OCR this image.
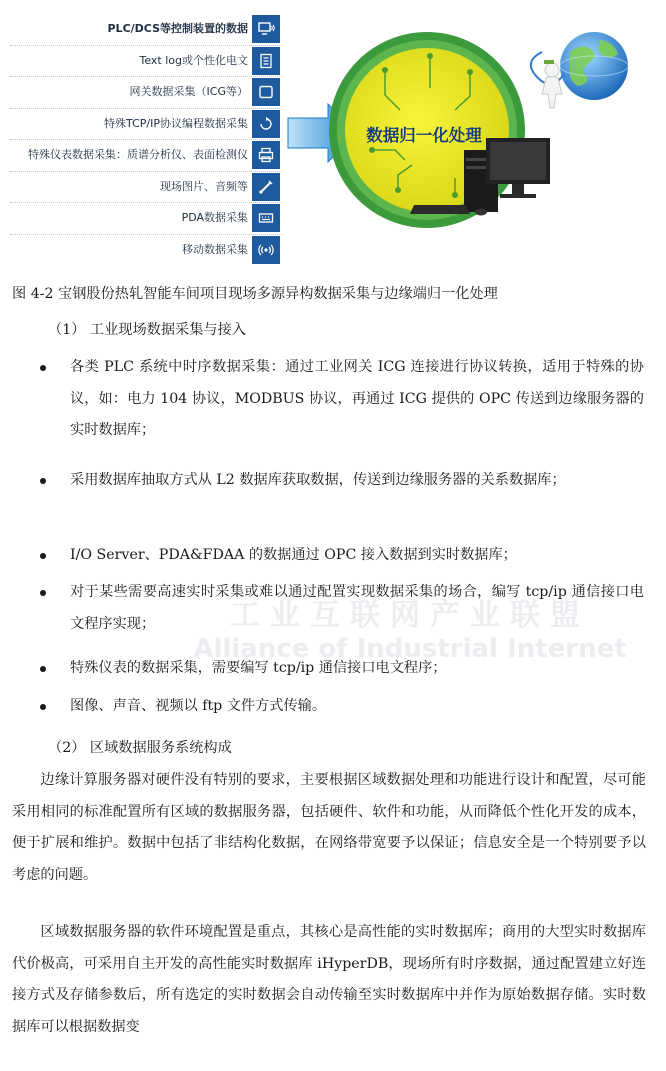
PLC/DCS等控制装置的数据
Text log或个性化电文
网关数据采集（ICG等）
特殊TCP/IP协议编程数据采集
特殊仪表数据采集：质谱分析仪、表面检测仪
现场图片、音频等
PDA数据采集
移动数据采集
数据归一化处理
图 4-2 宝钢股份热轧智能车间项目现场多源异构数据采集与边缘端归一化处理
（1） 工业现场数据采集与接入
各类 PLC 系统中时序数据采集：通过工业网关 ICG 连接进行协议转换，适用于特殊的协议，如：电力 104 协议，MODBUS 协议，再通过 ICG 提供的 OPC 传送到边缘服务器的实时数据库；
采用数据库抽取方式从 L2 数据库获取数据，传送到边缘服务器的关系数据库；
I/O Server、PDA&FDAA 的数据通过 OPC 接入数据到实时数据库；
对于某些需要高速实时采集或难以通过配置实现数据采集的场合，编写 tcp/ip 通信接口电文程序实现；
特殊仪表的数据采集，需要编写 tcp/ip 通信接口电文程序；
图像、声音、视频以 ftp 文件方式传输。
（2） 区域数据服务系统构成
边缘计算服务器对硬件没有特别的要求，主要根据区域数据处理和功能进行设计和配置，尽可能采用相同的标准配置所有区域的数据服务器，包括硬件、软件和功能，从而降低个性化开发的成本，便于扩展和维护。数据中包括了非结构化数据，在网络带宽要予以保证；信息安全是一个特别要予以考虑的问题。
区域数据服务器的软件环境配置是重点，其核心是高性能的实时数据库；商用的大型实时数据库代价极高，可采用自主开发的高性能实时数据库 iHyperDB，现场所有时序数据，通过配置建立好连接方式及存储参数后，所有选定的实时数据会自动传输至实时数据库中并作为原始数据存储。实时数据库可以根据数据变
工业互联网产业联盟
Alliance of Industrial Internet
